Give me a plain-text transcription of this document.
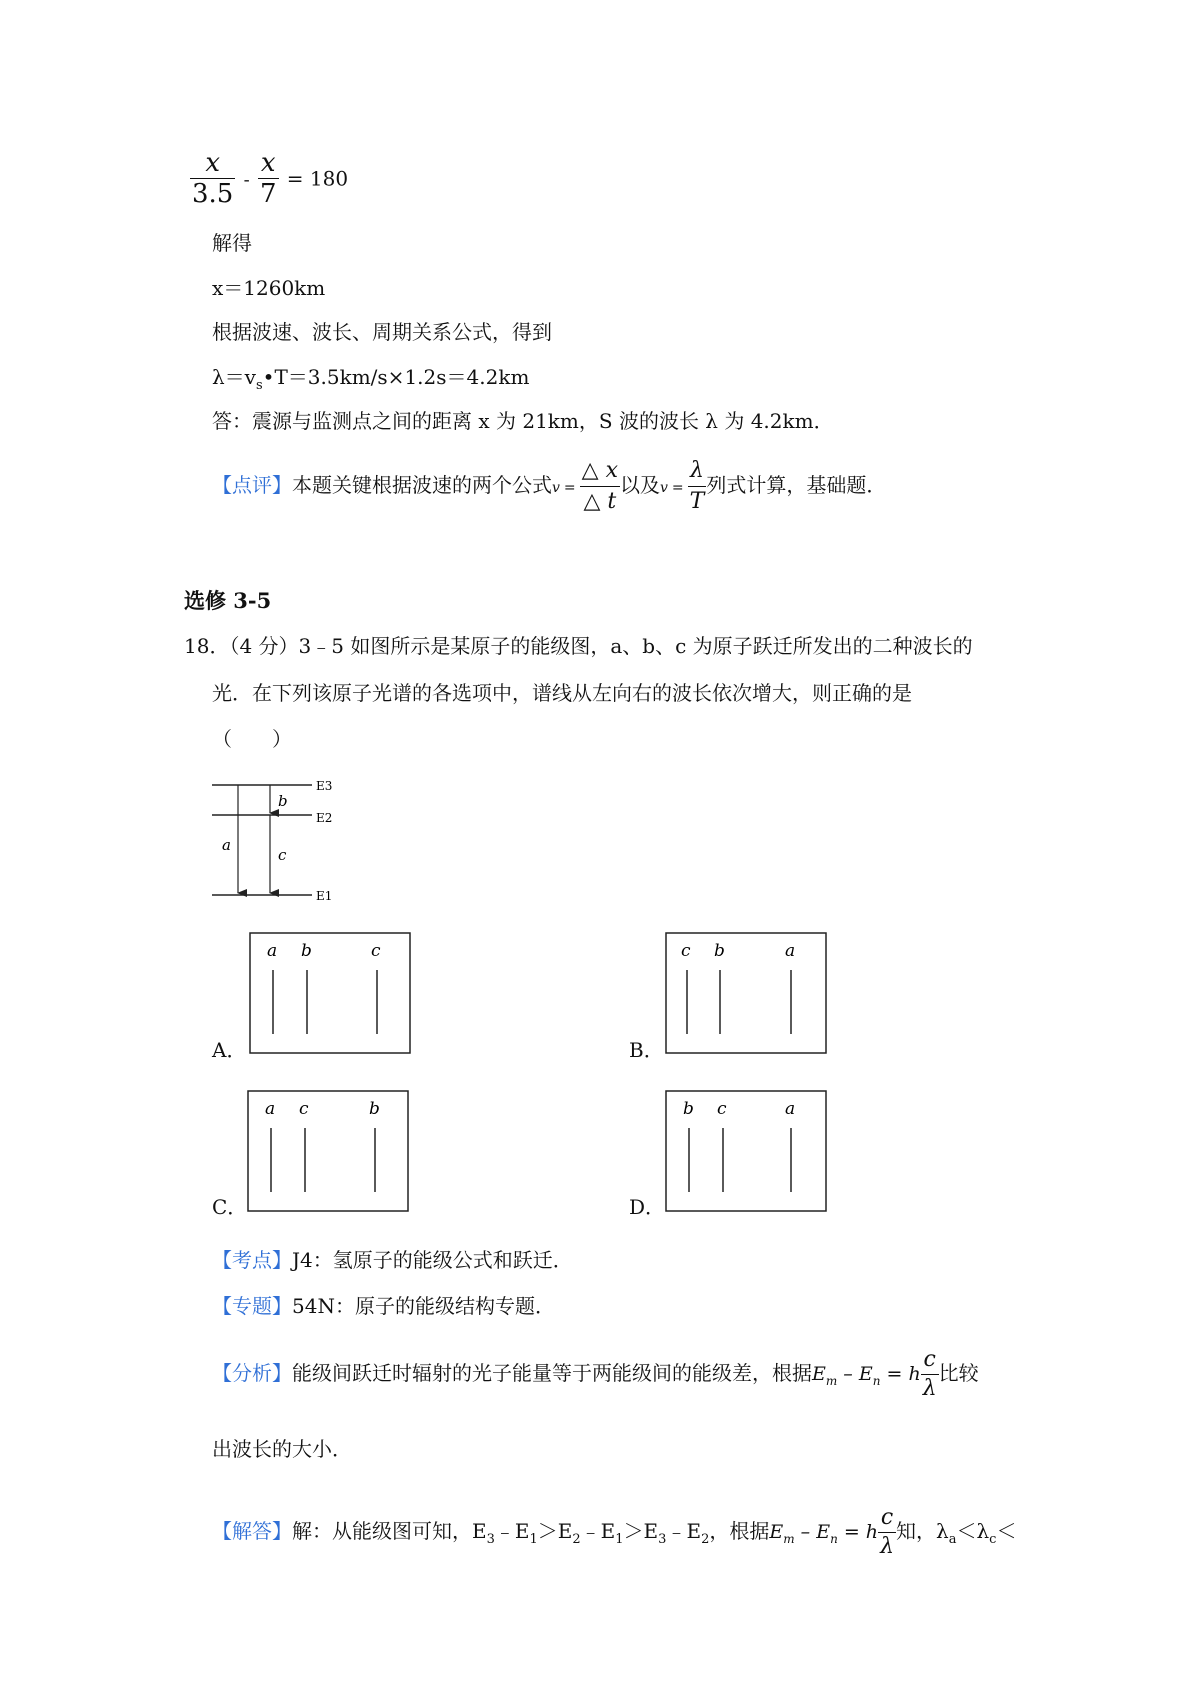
$\frac{x}{3.5} - \frac{x}{7} = 180$
解得
x＝1260km
根据波速、波长、周期关系公式，得到
$\lambda=v_s•T=3.5km/s\times 1.2s=4.2km$
答：震源与监测点之间的距离 x 为 21km，S 波的波长 λ 为 4.2km．
【点评】本题关键根据波速的两个公式$v = \frac{\triangle x}{\triangle t}$ 以及$v = \frac{\lambda}{T}$ 列式计算，基础题．
选修 3-5
18．（4 分）3﹣5 如图所示是某原子的能级图，a、b、c 为原子跃迁所发出的二种波长的
光．在下列该原子光谱的各选项中，谱线从左向右的波长依次增大，则正确的是
（　　）
a
b
c
E3
E2
E1
A．
a b	c
B．
c b	a
C．
a c	b
D．
b c	a
【考点】J4：氢原子的能级公式和跃迁．
【专题】54N：原子的能级结构专题．
【分析】能级间跃迁时辐射的光子能量等于两能级间的能级差，根据$E_m - E_n = h \frac{c}{\lambda}$ 比较
出波长的大小．
【解答】解：从能级图可知，$E_3﹣E_1>E_2﹣E_1>E_3﹣E_2$，根据$E_m - E_n = h \frac{c}{\lambda}$ 知，$\lambda_a<\lambda_c<$
